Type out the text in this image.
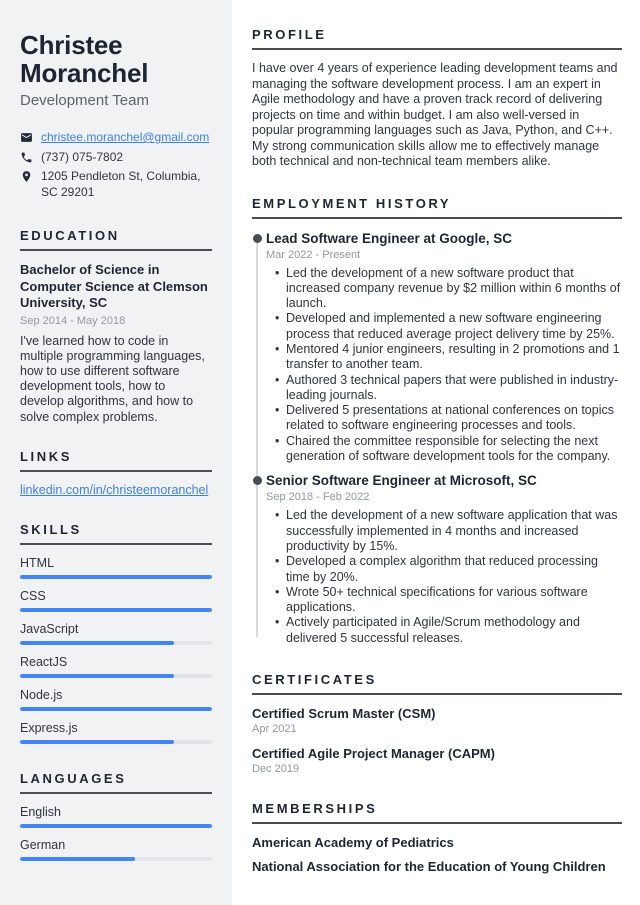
Christee Moranchel
Development Team
christee.moranchel@gmail.com
(737) 075-7802
1205 Pendleton St, Columbia, SC 29201
EDUCATION
Bachelor of Science in Computer Science at Clemson University, SC
Sep 2014 - May 2018

I've learned how to code in multiple programming languages, how to use different software development tools, how to develop algorithms, and how to solve complex problems.

LINKS
linkedin.com/in/christeemoranchel
SKILLS
HTML
CSS
JavaScript
ReactJS
Node.js
Express.js
LANGUAGES
English
German
PROFILE

I have over 4 years of experience leading development teams and managing the software development process. I am an expert in Agile methodology and have a proven track record of delivering projects on time and within budget. I am also well-versed in popular programming languages such as Java, Python, and C++. My strong communication skills allow me to effectively manage both technical and non-technical team members alike.

EMPLOYMENT HISTORY
Lead Software Engineer at Google, SC
Mar 2022 - Present
• Led the development of a new software product that increased company revenue by $2 million within 6 months of launch.
• Developed and implemented a new software engineering process that reduced average project delivery time by 25%.
• Mentored 4 junior engineers, resulting in 2 promotions and 1 transfer to another team.
• Authored 3 technical papers that were published in industry-leading journals.
• Delivered 5 presentations at national conferences on topics related to software engineering processes and tools.
• Chaired the committee responsible for selecting the next generation of software development tools for the company.
Senior Software Engineer at Microsoft, SC
Sep 2018 - Feb 2022
• Led the development of a new software application that was successfully implemented in 4 months and increased productivity by 15%.
• Developed a complex algorithm that reduced processing time by 20%.
• Wrote 50+ technical specifications for various software applications.
• Actively participated in Agile/Scrum methodology and delivered 5 successful releases.
CERTIFICATES
Certified Scrum Master (CSM)
Apr 2021
Certified Agile Project Manager (CAPM)
Dec 2019
MEMBERSHIPS
American Academy of Pediatrics
National Association for the Education of Young Children
